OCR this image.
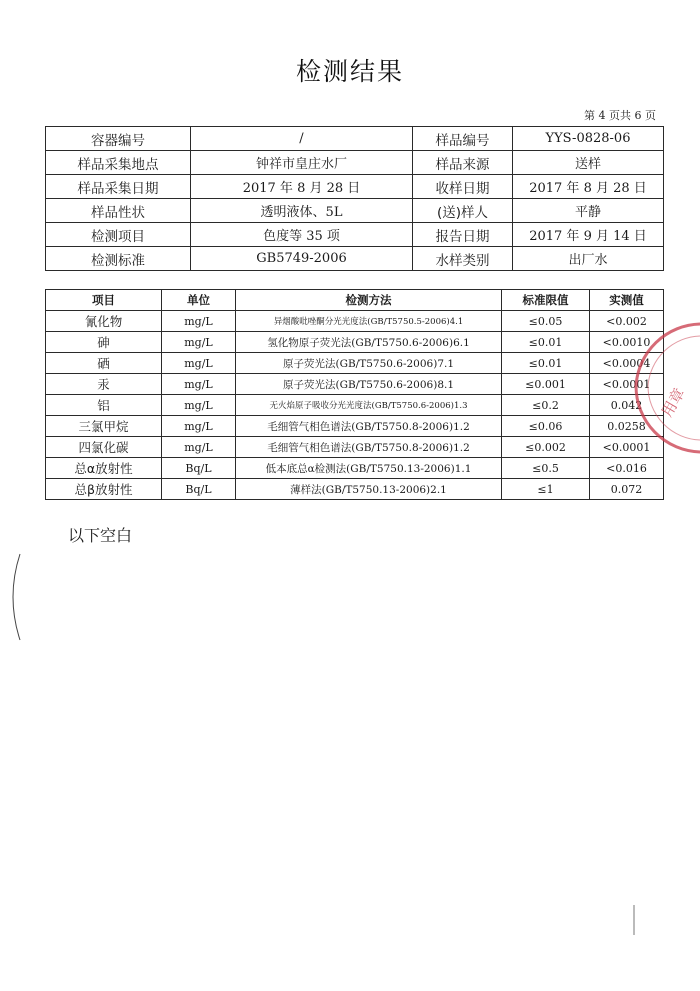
检测结果
第 4 页共 6 页
容器编号	/	样品编号	YYS-0828-06
样品采集地点	钟祥市皇庄水厂	样品来源	送样
样品采集日期	2017 年 8 月 28 日	收样日期	2017 年 8 月 28 日
样品性状	透明液体、5L	(送)样人	平静
检测项目	色度等 35 项	报告日期	2017 年 9 月 14 日
检测标准	GB5749-2006	水样类别	出厂水
项目	单位	检测方法	标准限值	实测值
氰化物	mg/L	异烟酸吡唑酮分光光度法(GB/T5750.5-2006)4.1	≤0.05	<0.002
砷	mg/L	氢化物原子荧光法(GB/T5750.6-2006)6.1	≤0.01	<0.0010
硒	mg/L	原子荧光法(GB/T5750.6-2006)7.1	≤0.01	<0.0004
汞	mg/L	原子荧光法(GB/T5750.6-2006)8.1	≤0.001	<0.0001
铝	mg/L	无火焰原子吸收分光光度法(GB/T5750.6-2006)1.3	≤0.2	0.042
三氯甲烷	mg/L	毛细管气相色谱法(GB/T5750.8-2006)1.2	≤0.06	0.0258
四氯化碳	mg/L	毛细管气相色谱法(GB/T5750.8-2006)1.2	≤0.002	<0.0001
总α放射性	Bq/L	低本底总α检测法(GB/T5750.13-2006)1.1	≤0.5	<0.016
总β放射性	Bq/L	薄样法(GB/T5750.13-2006)2.1	≤1	0.072
以下空白
用章
